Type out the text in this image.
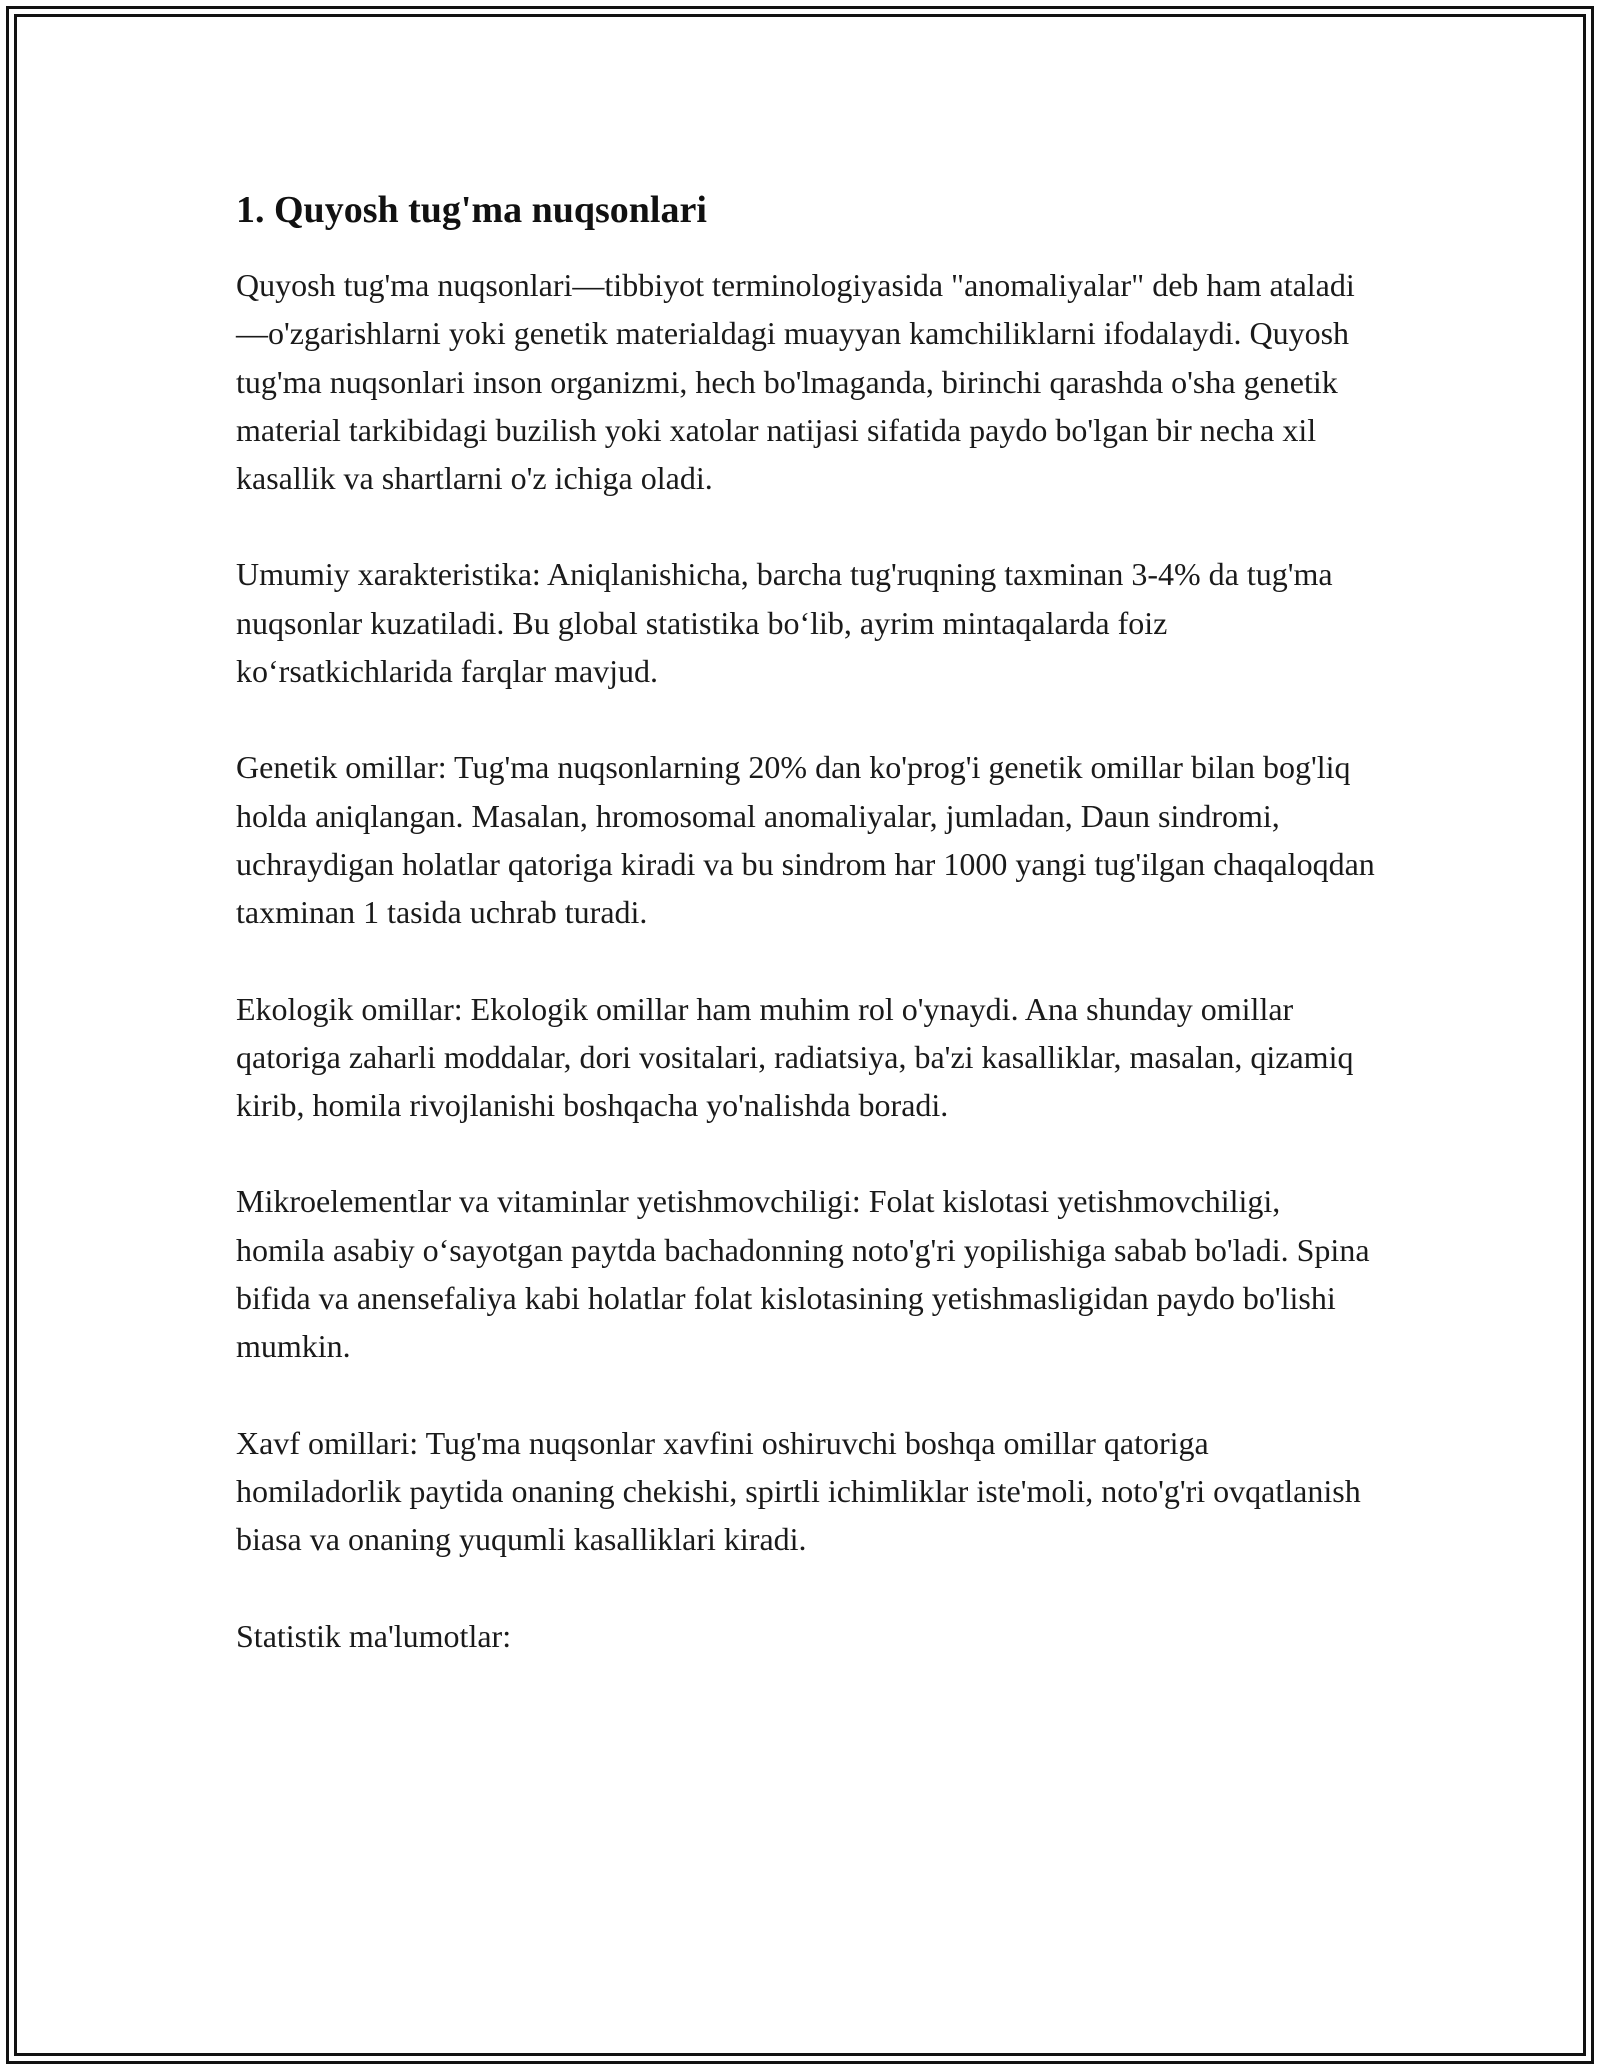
1. Quyosh tug'ma nuqsonlari

Quyosh tug'ma nuqsonlari—tibbiyot terminologiyasida "anomaliyalar" deb ham ataladi—o'zgarishlarni yoki genetik materialdagi muayyan kamchiliklarni ifodalaydi. Quyosh tug'ma nuqsonlari inson organizmi, hech bo'lmaganda, birinchi qarashda o'sha genetik material tarkibidagi buzilish yoki xatolar natijasi sifatida paydo bo'lgan bir necha xil kasallik va shartlarni o'z ichiga oladi.

Umumiy xarakteristika: Aniqlanishicha, barcha tug'ruqning taxminan 3-4% da tug'ma nuqsonlar kuzatiladi. Bu global statistika bo‘lib, ayrim mintaqalarda foiz ko‘rsatkichlarida farqlar mavjud.

Genetik omillar: Tug'ma nuqsonlarning 20% dan ko'prog'i genetik omillar bilan bog'liq holda aniqlangan. Masalan, hromosomal anomaliyalar, jumladan, Daun sindromi, uchraydigan holatlar qatoriga kiradi va bu sindrom har 1000 yangi tug'ilgan chaqaloqdan taxminan 1 tasida uchrab turadi.

Ekologik omillar: Ekologik omillar ham muhim rol o'ynaydi. Ana shunday omillar qatoriga zaharli moddalar, dori vositalari, radiatsiya, ba'zi kasalliklar, masalan, qizamiq kirib, homila rivojlanishi boshqacha yo'nalishda boradi.

Mikroelementlar va vitaminlar yetishmovchiligi: Folat kislotasi yetishmovchiligi, homila asabiy o‘sayotgan paytda bachadonning noto'g'ri yopilishiga sabab bo'ladi. Spina bifida va anensefaliya kabi holatlar folat kislotasining yetishmasligidan paydo bo'lishi mumkin.

Xavf omillari: Tug'ma nuqsonlar xavfini oshiruvchi boshqa omillar qatoriga homiladorlik paytida onaning chekishi, spirtli ichimliklar iste'moli, noto'g'ri ovqatlanish biasa va onaning yuqumli kasalliklari kiradi.

Statistik ma'lumotlar:
